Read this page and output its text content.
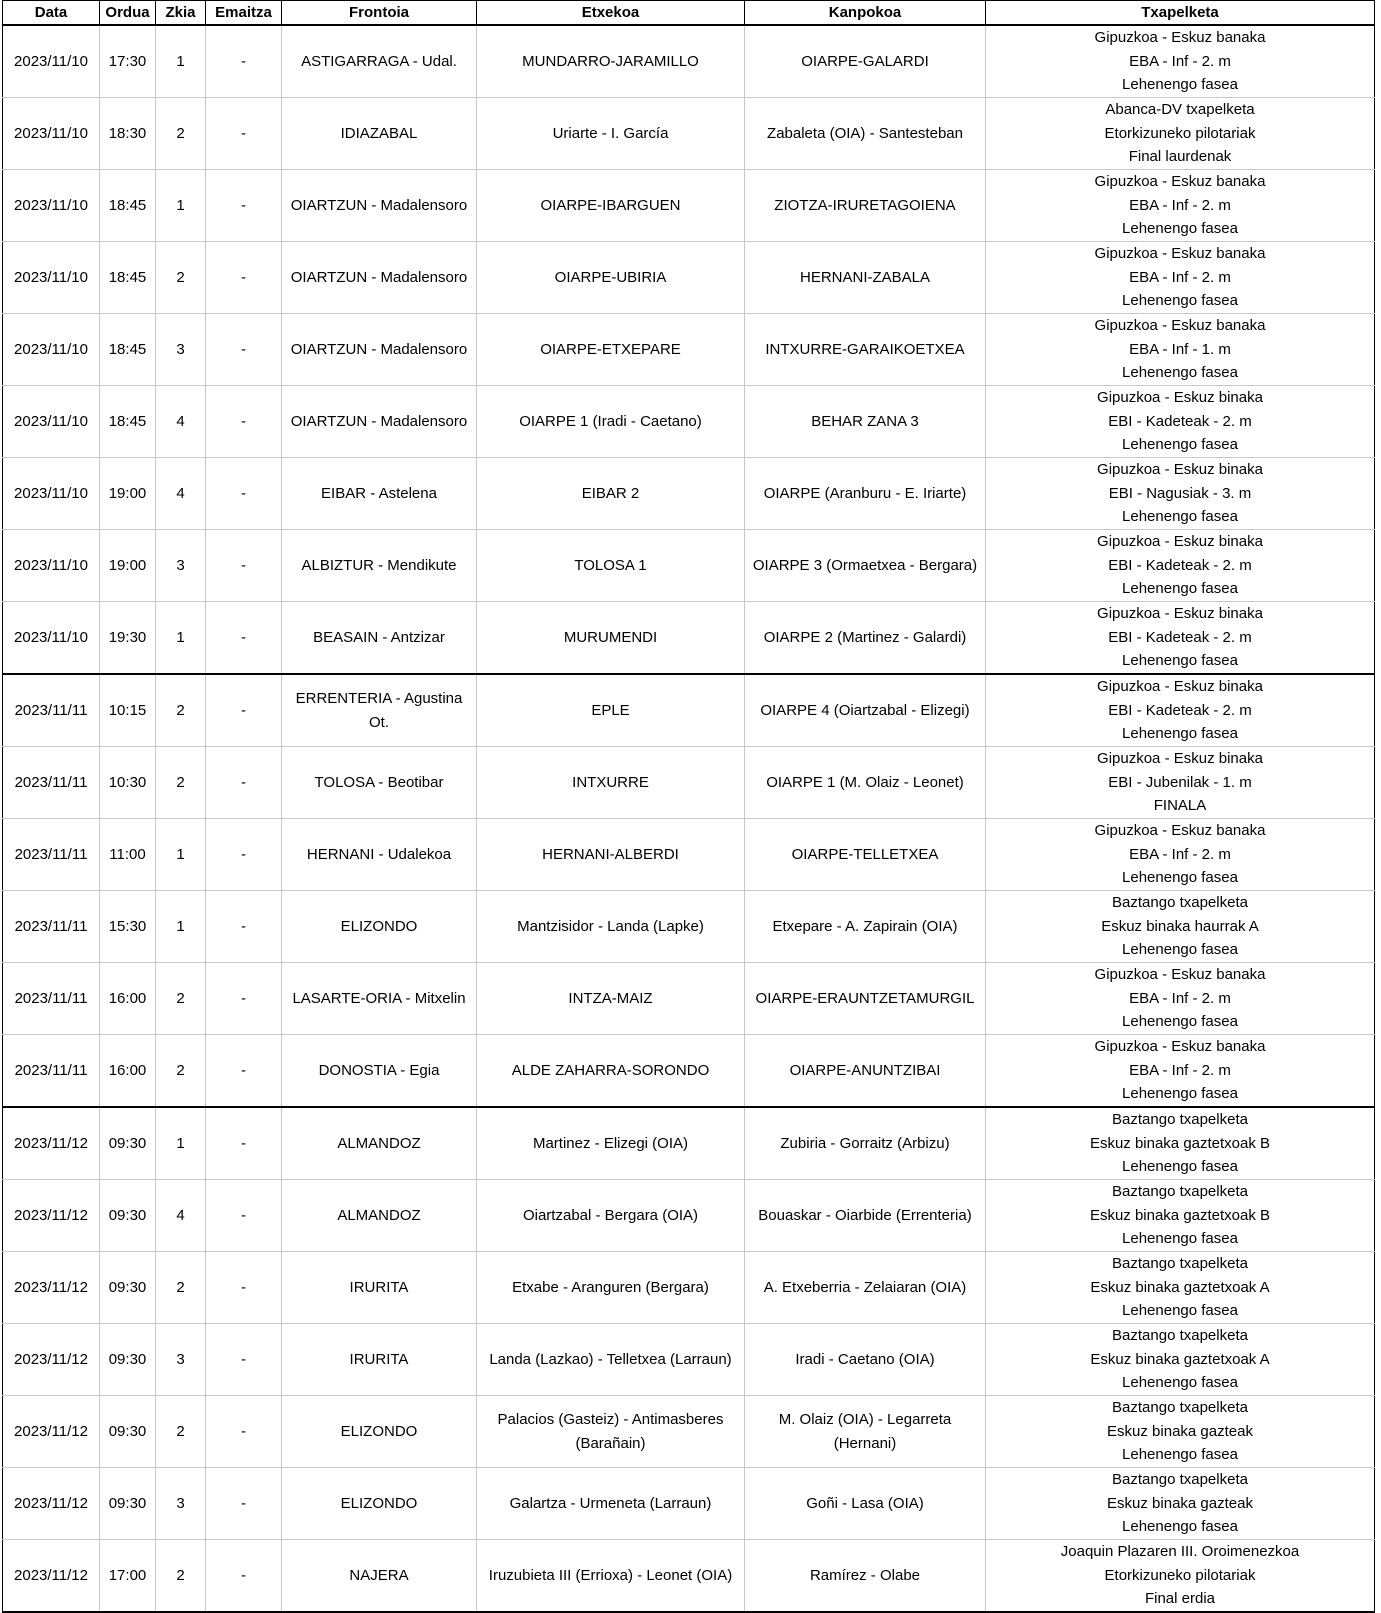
Data	Ordua	Zkia	Emaitza	Frontoia	Etxekoa	Kanpokoa	Txapelketa
2023/11/10	17:30	1	-	ASTIGARRAGA - Udal.	MUNDARRO-JARAMILLO	OIARPE-GALARDI	Gipuzkoa - Eskuz banaka
EBA - Inf - 2. m
Lehenengo fasea

2023/11/10	18:30	2	-	IDIAZABAL	Uriarte - I. García	Zabaleta (OIA) - Santesteban	Abanca-DV txapelketa
Etorkizuneko pilotariak
Final laurdenak

2023/11/10	18:45	1	-	OIARTZUN - Madalensoro	OIARPE-IBARGUEN	ZIOTZA-IRURETAGOIENA	Gipuzkoa - Eskuz banaka
EBA - Inf - 2. m
Lehenengo fasea

2023/11/10	18:45	2	-	OIARTZUN - Madalensoro	OIARPE-UBIRIA	HERNANI-ZABALA	Gipuzkoa - Eskuz banaka
EBA - Inf - 2. m
Lehenengo fasea

2023/11/10	18:45	3	-	OIARTZUN - Madalensoro	OIARPE-ETXEPARE	INTXURRE-GARAIKOETXEA	Gipuzkoa - Eskuz banaka
EBA - Inf - 1. m
Lehenengo fasea

2023/11/10	18:45	4	-	OIARTZUN - Madalensoro	OIARPE 1 (Iradi - Caetano)	BEHAR ZANA 3	Gipuzkoa - Eskuz binaka
EBI - Kadeteak - 2. m
Lehenengo fasea

2023/11/10	19:00	4	-	EIBAR - Astelena	EIBAR 2	OIARPE (Aranburu - E. Iriarte)	Gipuzkoa - Eskuz binaka
EBI - Nagusiak - 3. m
Lehenengo fasea

2023/11/10	19:00	3	-	ALBIZTUR - Mendikute	TOLOSA 1	OIARPE 3 (Ormaetxea - Bergara)	Gipuzkoa - Eskuz binaka
EBI - Kadeteak - 2. m
Lehenengo fasea

2023/11/10	19:30	1	-	BEASAIN - Antzizar	MURUMENDI	OIARPE 2 (Martinez - Galardi)	Gipuzkoa - Eskuz binaka
EBI - Kadeteak - 2. m
Lehenengo fasea

2023/11/11	10:15	2	-	ERRENTERIA - Agustina Ot.	EPLE	OIARPE 4 (Oiartzabal - Elizegi)	Gipuzkoa - Eskuz binaka
EBI - Kadeteak - 2. m
Lehenengo fasea

2023/11/11	10:30	2	-	TOLOSA - Beotibar	INTXURRE	OIARPE 1 (M. Olaiz - Leonet)	Gipuzkoa - Eskuz binaka
EBI - Jubenilak - 1. m
FINALA

2023/11/11	11:00	1	-	HERNANI - Udalekoa	HERNANI-ALBERDI	OIARPE-TELLETXEA	Gipuzkoa - Eskuz banaka
EBA - Inf - 2. m
Lehenengo fasea

2023/11/11	15:30	1	-	ELIZONDO	Mantzisidor - Landa (Lapke)	Etxepare - A. Zapirain (OIA)	Baztango txapelketa
Eskuz binaka haurrak A
Lehenengo fasea

2023/11/11	16:00	2	-	LASARTE-ORIA - Mitxelin	INTZA-MAIZ	OIARPE-ERAUNTZETAMURGIL	Gipuzkoa - Eskuz banaka
EBA - Inf - 2. m
Lehenengo fasea

2023/11/11	16:00	2	-	DONOSTIA - Egia	ALDE ZAHARRA-SORONDO	OIARPE-ANUNTZIBAI	Gipuzkoa - Eskuz banaka
EBA - Inf - 2. m
Lehenengo fasea

2023/11/12	09:30	1	-	ALMANDOZ	Martinez - Elizegi (OIA)	Zubiria - Gorraitz (Arbizu)	Baztango txapelketa
Eskuz binaka gaztetxoak B
Lehenengo fasea

2023/11/12	09:30	4	-	ALMANDOZ	Oiartzabal - Bergara (OIA)	Bouaskar - Oiarbide (Errenteria)	Baztango txapelketa
Eskuz binaka gaztetxoak B
Lehenengo fasea

2023/11/12	09:30	2	-	IRURITA	Etxabe - Aranguren (Bergara)	A. Etxeberria - Zelaiaran (OIA)	Baztango txapelketa
Eskuz binaka gaztetxoak A
Lehenengo fasea

2023/11/12	09:30	3	-	IRURITA	Landa (Lazkao) - Telletxea (Larraun)	Iradi - Caetano (OIA)	Baztango txapelketa
Eskuz binaka gaztetxoak A
Lehenengo fasea

2023/11/12	09:30	2	-	ELIZONDO	Palacios (Gasteiz) - Antimasberes (Barañain)	M. Olaiz (OIA) - Legarreta (Hernani)	Baztango txapelketa
Eskuz binaka gazteak
Lehenengo fasea

2023/11/12	09:30	3	-	ELIZONDO	Galartza - Urmeneta (Larraun)	Goñi - Lasa (OIA)	Baztango txapelketa
Eskuz binaka gazteak
Lehenengo fasea

2023/11/12	17:00	2	-	NAJERA	Iruzubieta III (Errioxa) - Leonet (OIA)	Ramírez - Olabe	Joaquin Plazaren III. Oroimenezkoa
Etorkizuneko pilotariak
Final erdia
